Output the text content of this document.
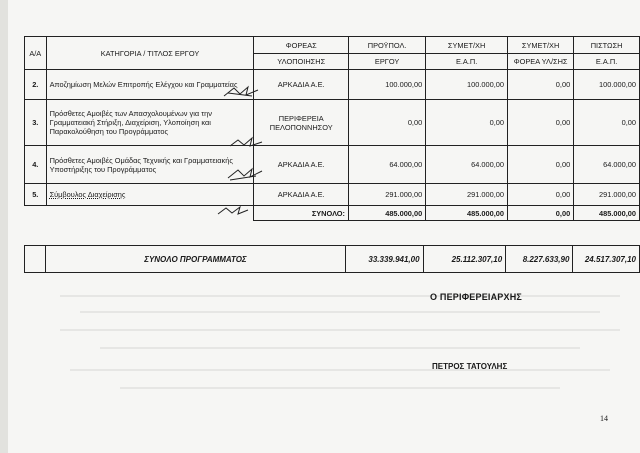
Α/Α	ΚΑΤΗΓΟΡΙΑ / ΤΙΤΛΟΣ ΕΡΓΟΥ	ΦΟΡΕΑΣ	ΠΡΟΫΠΟΛ.	ΣΥΜΕΤ/ΧΗ	ΣΥΜΕΤ/ΧΗ	ΠΙΣΤΩΣΗ
		ΥΛΟΠΟΙΗΣΗΣ	ΕΡΓΟΥ	Ε.Α.Π.	ΦΟΡΕΑ ΥΛ/ΣΗΣ	Ε.Α.Π.
2.	Αποζημίωση Μελών Επιτροπής Ελέγχου και Γραμματείας	ΑΡΚΑΔΙΑ Α.Ε.	100.000,00	100.000,00	0,00	100.000,00
3.	Πρόσθετες Αμοιβές των Απασχολουμένων για την Γραμματειακή Στήριξη, Διαχείριση, Υλοποίηση και Παρακολούθηση του Προγράμματος	ΠΕΡΙΦΕΡΕΙΑ ΠΕΛΟΠΟΝΝΗΣΟΥ	0,00	0,00	0,00	0,00
4.	Πρόσθετες Αμοιβές Ομάδας Τεχνικής και Γραμματειακής Υποστήριξης του Προγράμματος	ΑΡΚΑΔΙΑ Α.Ε.	64.000,00	64.000,00	0,00	64.000,00
5.	Σύμβουλος Διαχείρισης	ΑΡΚΑΔΙΑ Α.Ε.	291.000,00	291.000,00	0,00	291.000,00
		ΣΥΝΟΛΟ:	485.000,00	485.000,00	0,00	485.000,00
	ΣΥΝΟΛΟ ΠΡΟΓΡΑΜΜΑΤΟΣ	33.339.941,00	25.112.307,10	8.227.633,90	24.517.307,10
Ο ΠΕΡΙΦΕΡΕΙΑΡΧΗΣ
ΠΕΤΡΟΣ ΤΑΤΟΥΛΗΣ
14
